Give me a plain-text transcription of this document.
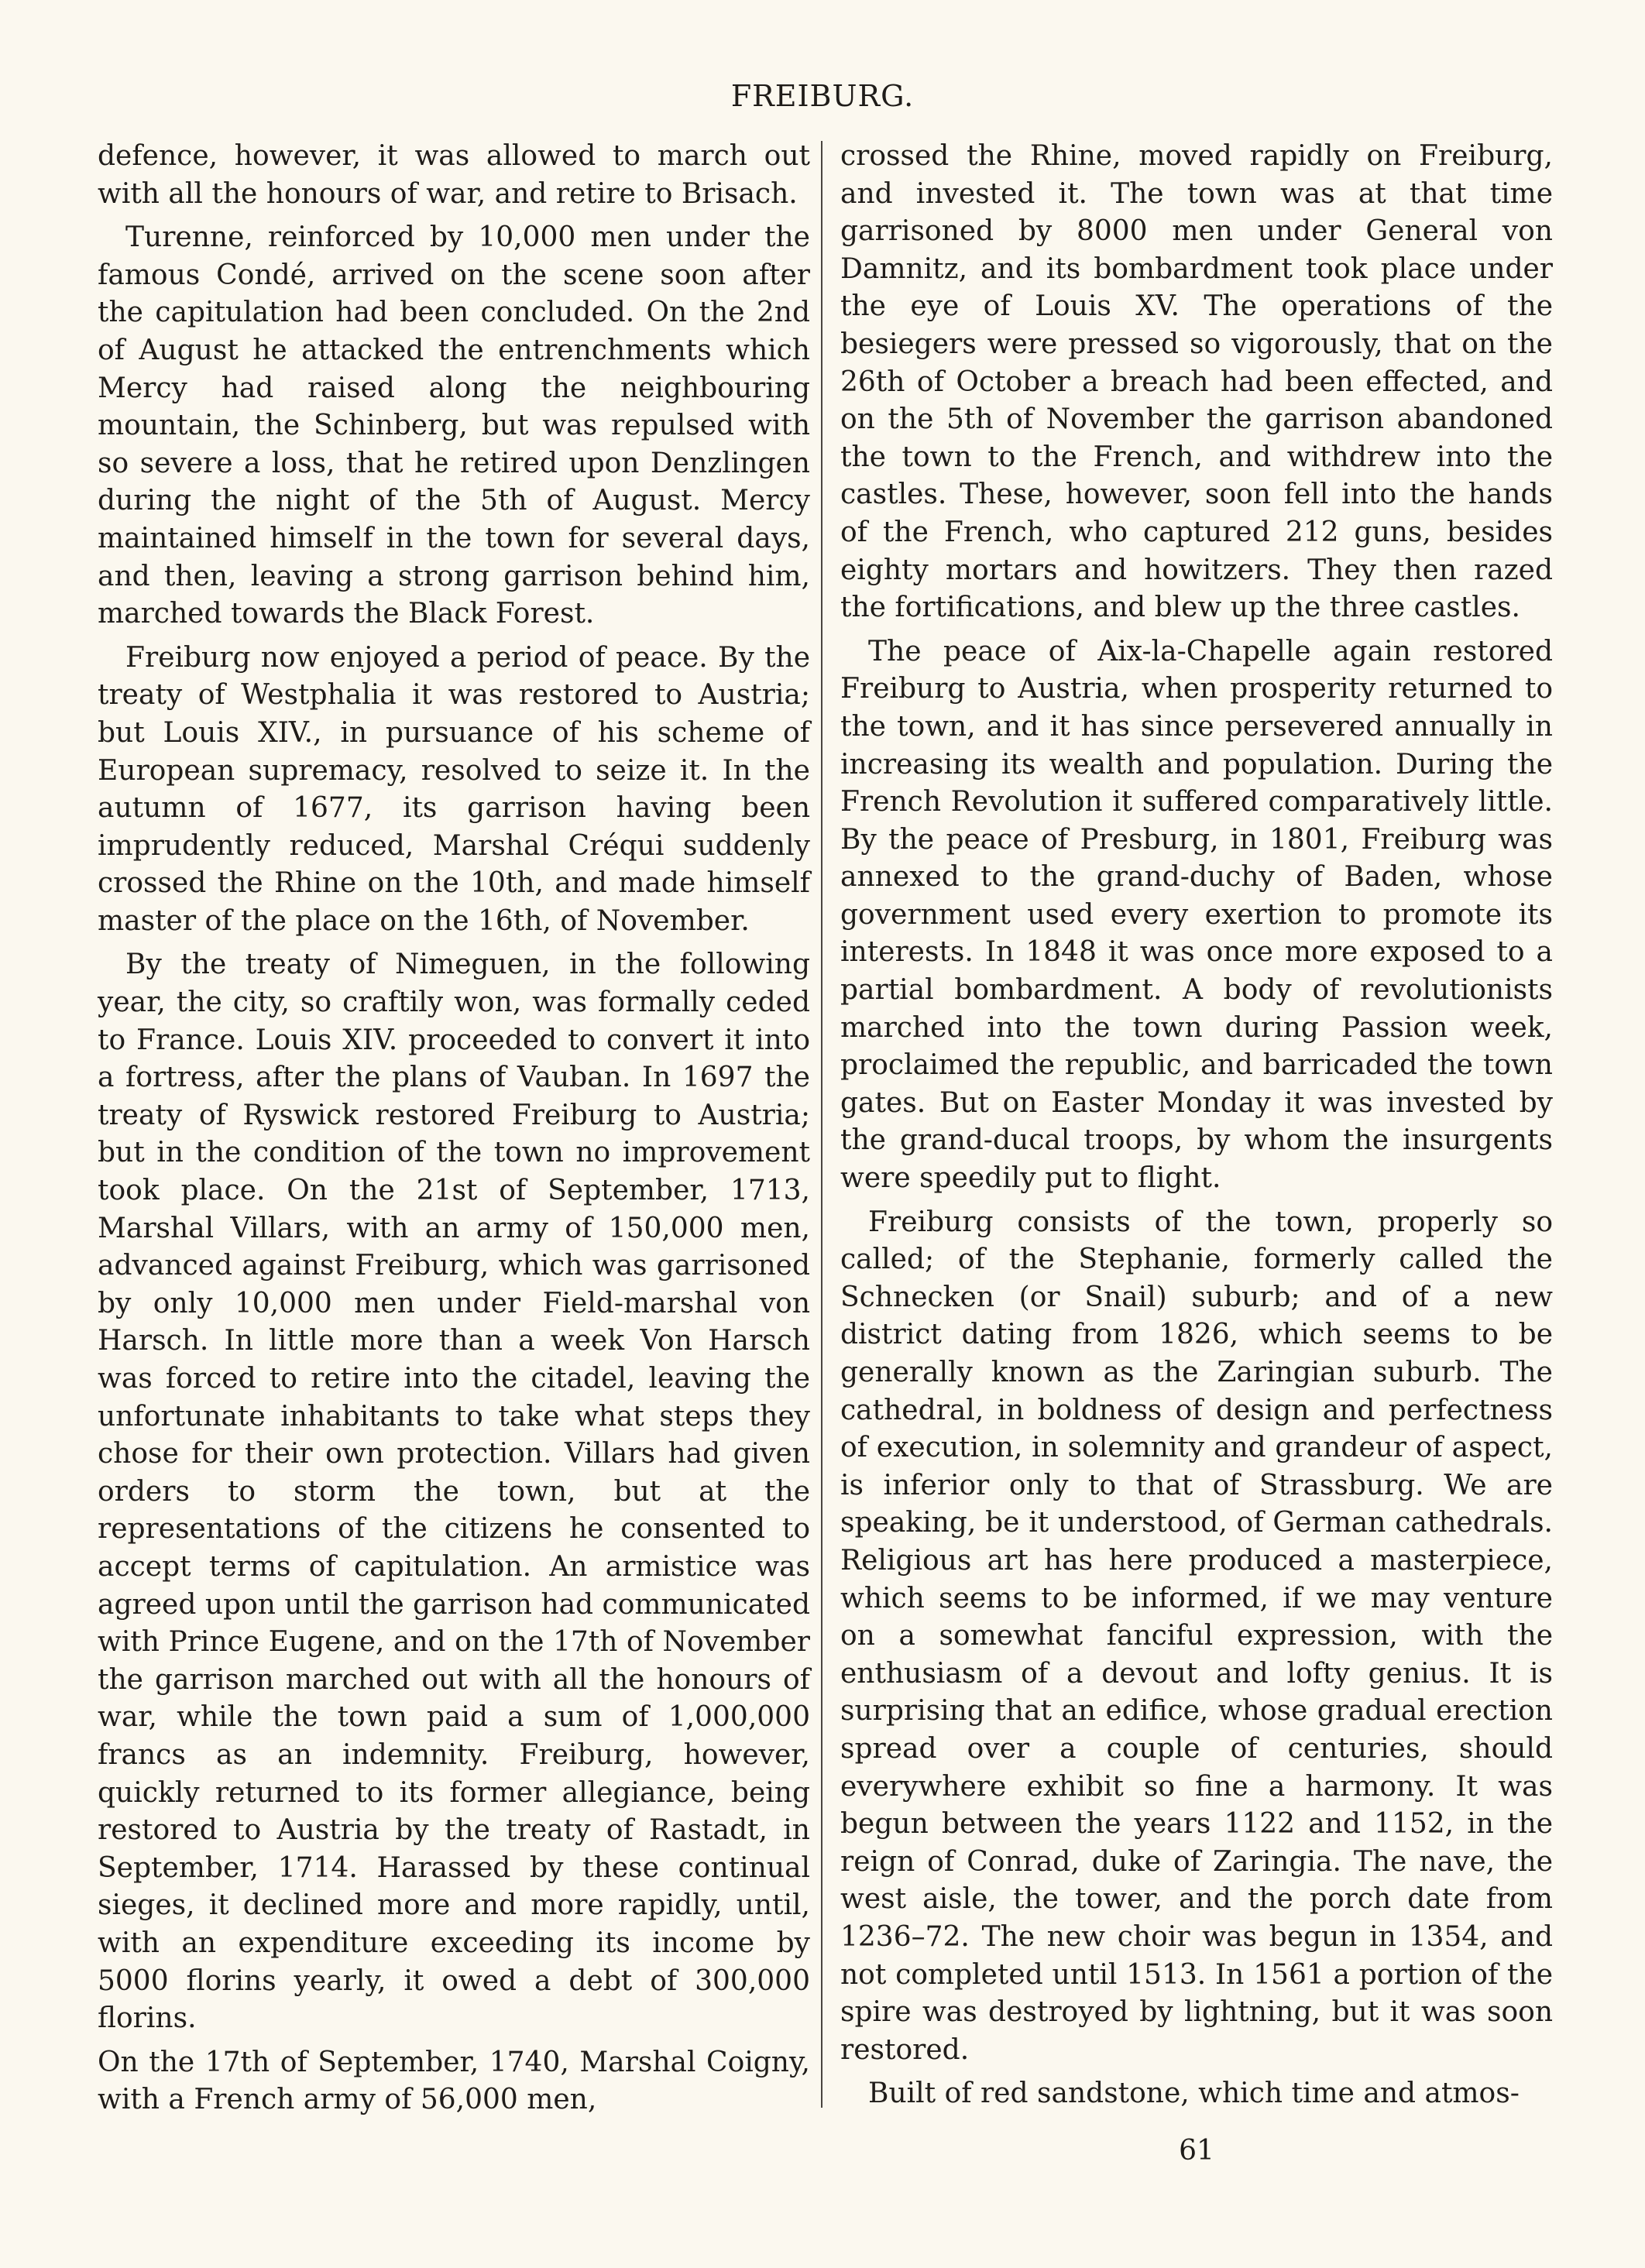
FREIBURG.

defence, however, it was allowed to march out with all the honours of war, and retire to Brisach.

Turenne, reinforced by 10,000 men under the famous Condé, arrived on the scene soon after the capitulation had been concluded. On the 2nd of August he attacked the entrenchments which Mercy had raised along the neighbouring mountain, the Schinberg, but was repulsed with so severe a loss, that he retired upon Denzlingen during the night of the 5th of August. Mercy maintained himself in the town for several days, and then, leaving a strong garrison behind him, marched towards the Black Forest.

Freiburg now enjoyed a period of peace. By the treaty of Westphalia it was restored to Austria; but Louis XIV., in pursuance of his scheme of European supremacy, resolved to seize it. In the autumn of 1677, its garrison having been imprudently reduced, Marshal Créqui suddenly crossed the Rhine on the 10th, and made himself master of the place on the 16th, of November.

By the treaty of Nimeguen, in the following year, the city, so craftily won, was formally ceded to France. Louis XIV. proceeded to convert it into a fortress, after the plans of Vauban. In 1697 the treaty of Ryswick restored Freiburg to Austria; but in the condition of the town no improvement took place. On the 21st of September, 1713, Marshal Villars, with an army of 150,000 men, advanced against Freiburg, which was garrisoned by only 10,000 men under Field-marshal von Harsch. In little more than a week Von Harsch was forced to retire into the citadel, leaving the unfortunate inhabitants to take what steps they chose for their own protection. Villars had given orders to storm the town, but at the representations of the citizens he consented to accept terms of capitulation. An armistice was agreed upon until the garrison had communicated with Prince Eugene, and on the 17th of November the garrison marched out with all the honours of war, while the town paid a sum of 1,000,000 francs as an indemnity. Freiburg, however, quickly returned to its former allegiance, being restored to Austria by the treaty of Rastadt, in September, 1714. Harassed by these continual sieges, it declined more and more rapidly, until, with an expenditure exceeding its income by 5000 florins yearly, it owed a debt of 300,000 florins.

On the 17th of September, 1740, Marshal Coigny, with a French army of 56,000 men,

crossed the Rhine, moved rapidly on Freiburg, and invested it. The town was at that time garrisoned by 8000 men under General von Damnitz, and its bombardment took place under the eye of Louis XV. The operations of the besiegers were pressed so vigorously, that on the 26th of October a breach had been effected, and on the 5th of November the garrison abandoned the town to the French, and withdrew into the castles. These, however, soon fell into the hands of the French, who captured 212 guns, besides eighty mortars and howitzers. They then razed the fortifications, and blew up the three castles.

The peace of Aix-la-Chapelle again restored Freiburg to Austria, when prosperity returned to the town, and it has since persevered annually in increasing its wealth and population. During the French Revolution it suffered comparatively little. By the peace of Presburg, in 1801, Freiburg was annexed to the grand-duchy of Baden, whose government used every exertion to promote its interests. In 1848 it was once more exposed to a partial bombardment. A body of revolutionists marched into the town during Passion week, proclaimed the republic, and barricaded the town gates. But on Easter Monday it was invested by the grand-ducal troops, by whom the insurgents were speedily put to flight.

Freiburg consists of the town, properly so called; of the Stephanie, formerly called the Schnecken (or Snail) suburb; and of a new district dating from 1826, which seems to be generally known as the Zaringian suburb. The cathedral, in boldness of design and perfectness of execution, in solemnity and grandeur of aspect, is inferior only to that of Strassburg. We are speaking, be it understood, of German cathedrals. Religious art has here produced a masterpiece, which seems to be informed, if we may venture on a somewhat fanciful expression, with the enthusiasm of a devout and lofty genius. It is surprising that an edifice, whose gradual erection spread over a couple of centuries, should everywhere exhibit so fine a harmony. It was begun between the years 1122 and 1152, in the reign of Conrad, duke of Zaringia. The nave, the west aisle, the tower, and the porch date from 1236–72. The new choir was begun in 1354, and not completed until 1513. In 1561 a portion of the spire was destroyed by lightning, but it was soon restored.

Built of red sandstone, which time and atmos-

61
